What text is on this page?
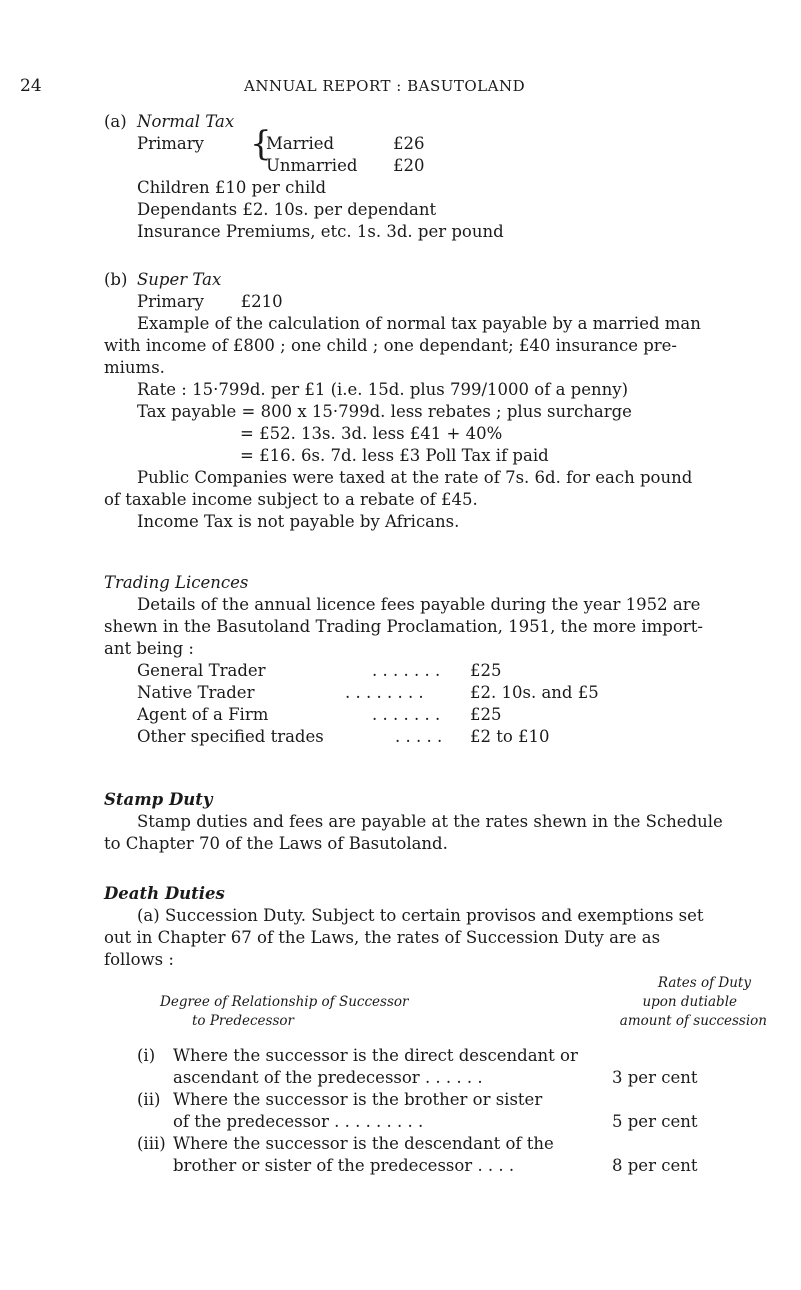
24	ANNUAL REPORT : BASUTOLAND
(a) Normal Tax
Primary {
Married	£26
Unmarried £20
Children £10 per child
Dependants £2. 10s. per dependant
Insurance Premiums, etc. 1s. 3d. per pound
(b) Super Tax
Primary       £210
Example of the calculation of normal tax payable by a married man
with income of £800 ; one child ; one dependant; £40 insurance pre-
miums.
Rate : 15·799d. per £1 (i.e. 15d. plus 799/1000 of a penny)
Tax payable = 800 x 15·799d. less rebates ; plus surcharge
= £52. 13s. 3d. less £41 + 40%
= £16. 6s. 7d. less £3 Poll Tax if paid
Public Companies were taxed at the rate of 7s. 6d. for each pound
of taxable income subject to a rebate of £45.
Income Tax is not payable by Africans.
Trading Licences
Details of the annual licence fees payable during the year 1952 are
shewn in the Basutoland Trading Proclamation, 1951, the more import-
ant being :
General Trader	. . . . . . . £25
Native Trader	. . . . . . . .	£2. 10s. and £5
Agent of a Firm	. . . . . . . £25
Other specified trades	. . . . . £2 to £10
Stamp Duty
Stamp duties and fees are payable at the rates shewn in the Schedule
to Chapter 70 of the Laws of Basutoland.
Death Duties
(a) Succession Duty. Subject to certain provisos and exemptions set
out in Chapter 67 of the Laws, the rates of Succession Duty are as
follows :
Rates of Duty
Degree of Relationship of Successor	upon dutiable
to Predecessor	amount of succession
(i) Where the successor is the direct descendant or
ascendant of the predecessor . . . . . .	3 per cent
(ii) Where the successor is the brother or sister
of the predecessor . . . . . . . . .	5 per cent
(iii) Where the successor is the descendant of the
brother or sister of the predecessor . . . .	8 per cent
